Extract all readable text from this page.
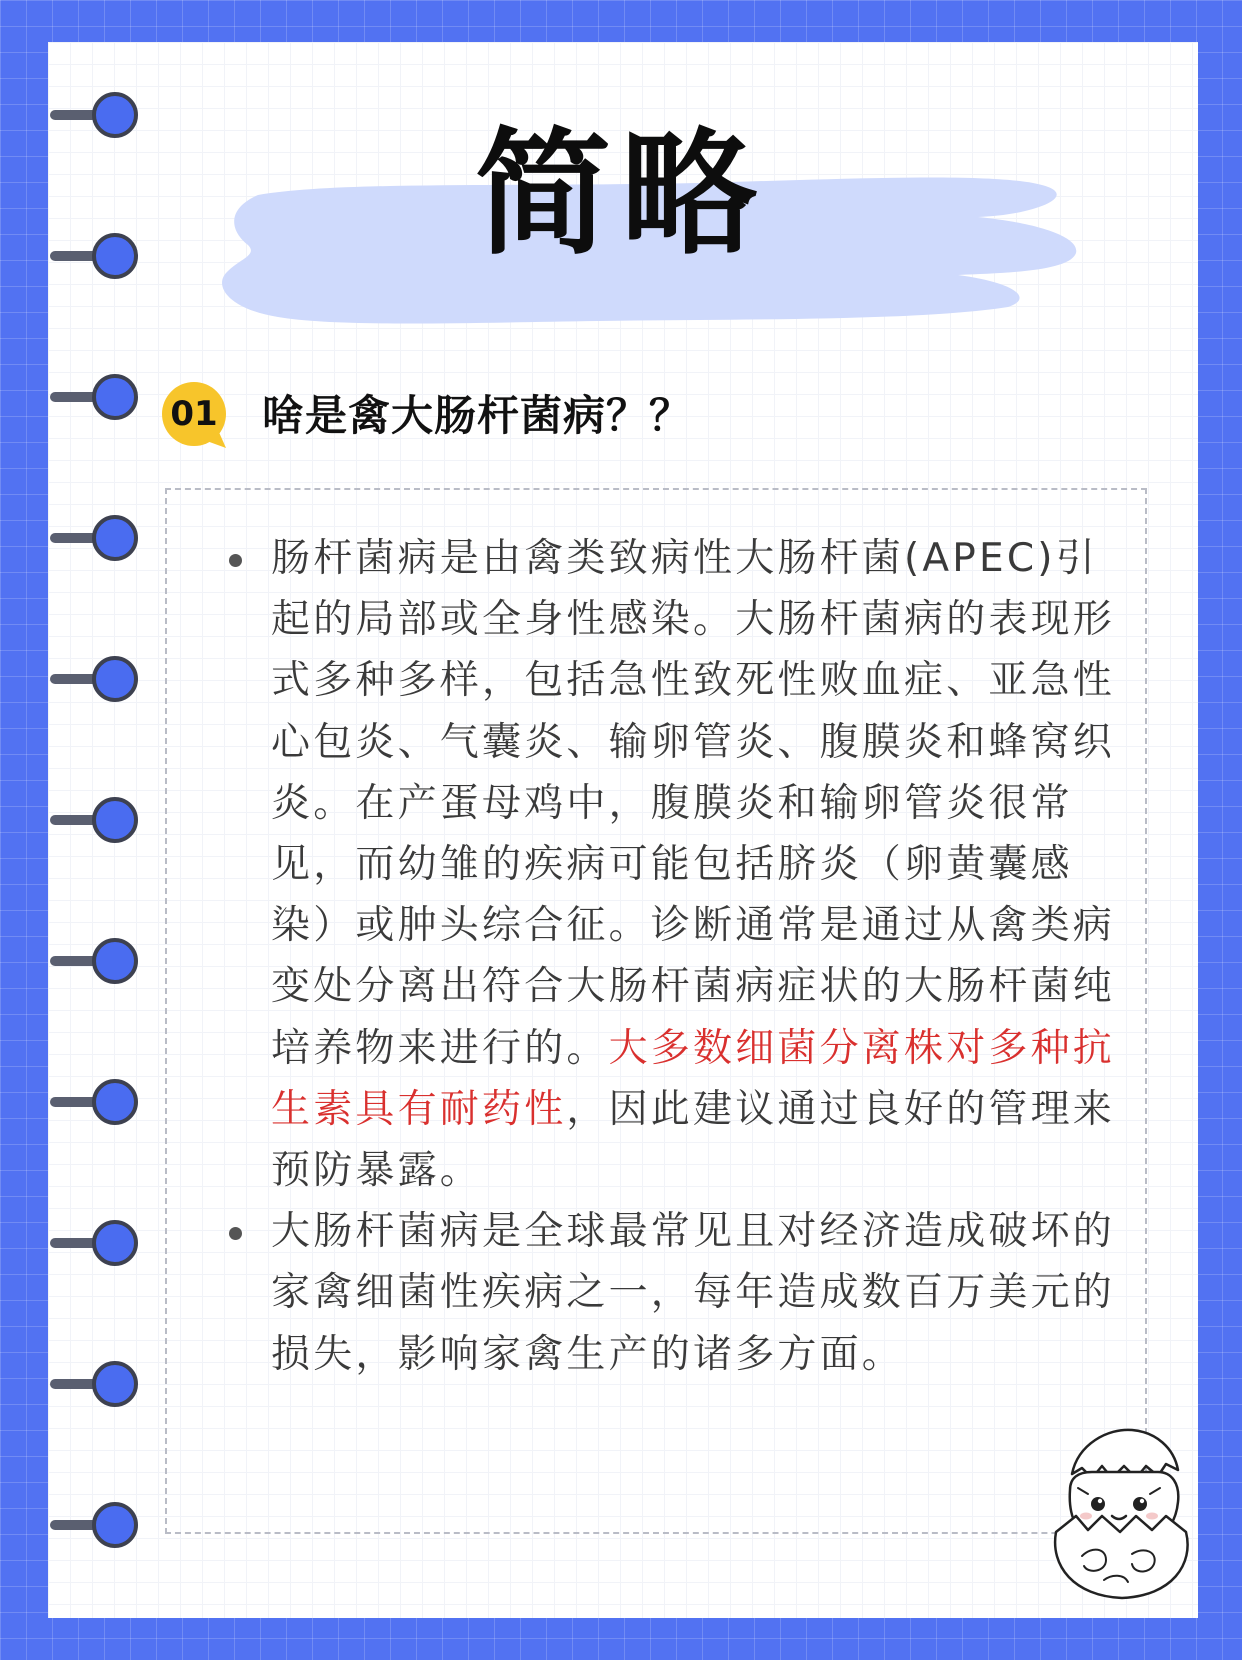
简略
01 啥是禽大肠杆菌病？？
肠杆菌病是由禽类致病性大肠杆菌(APEC)引起的局部或全身性感染。大肠杆菌病的表现形式多种多样，包括急性致死性败血症、亚急性心包炎、气囊炎、输卵管炎、腹膜炎和蜂窝织炎。在产蛋母鸡中，腹膜炎和输卵管炎很常见，而幼雏的疾病可能包括脐炎（卵黄囊感染）或肿头综合征。诊断通常是通过从禽类病变处分离出符合大肠杆菌病症状的大肠杆菌纯培养物来进行的。大多数细菌分离株对多种抗生素具有耐药性，因此建议通过良好的管理来预防暴露。
大肠杆菌病是全球最常见且对经济造成破坏的家禽细菌性疾病之一，每年造成数百万美元的损失，影响家禽生产的诸多方面。
